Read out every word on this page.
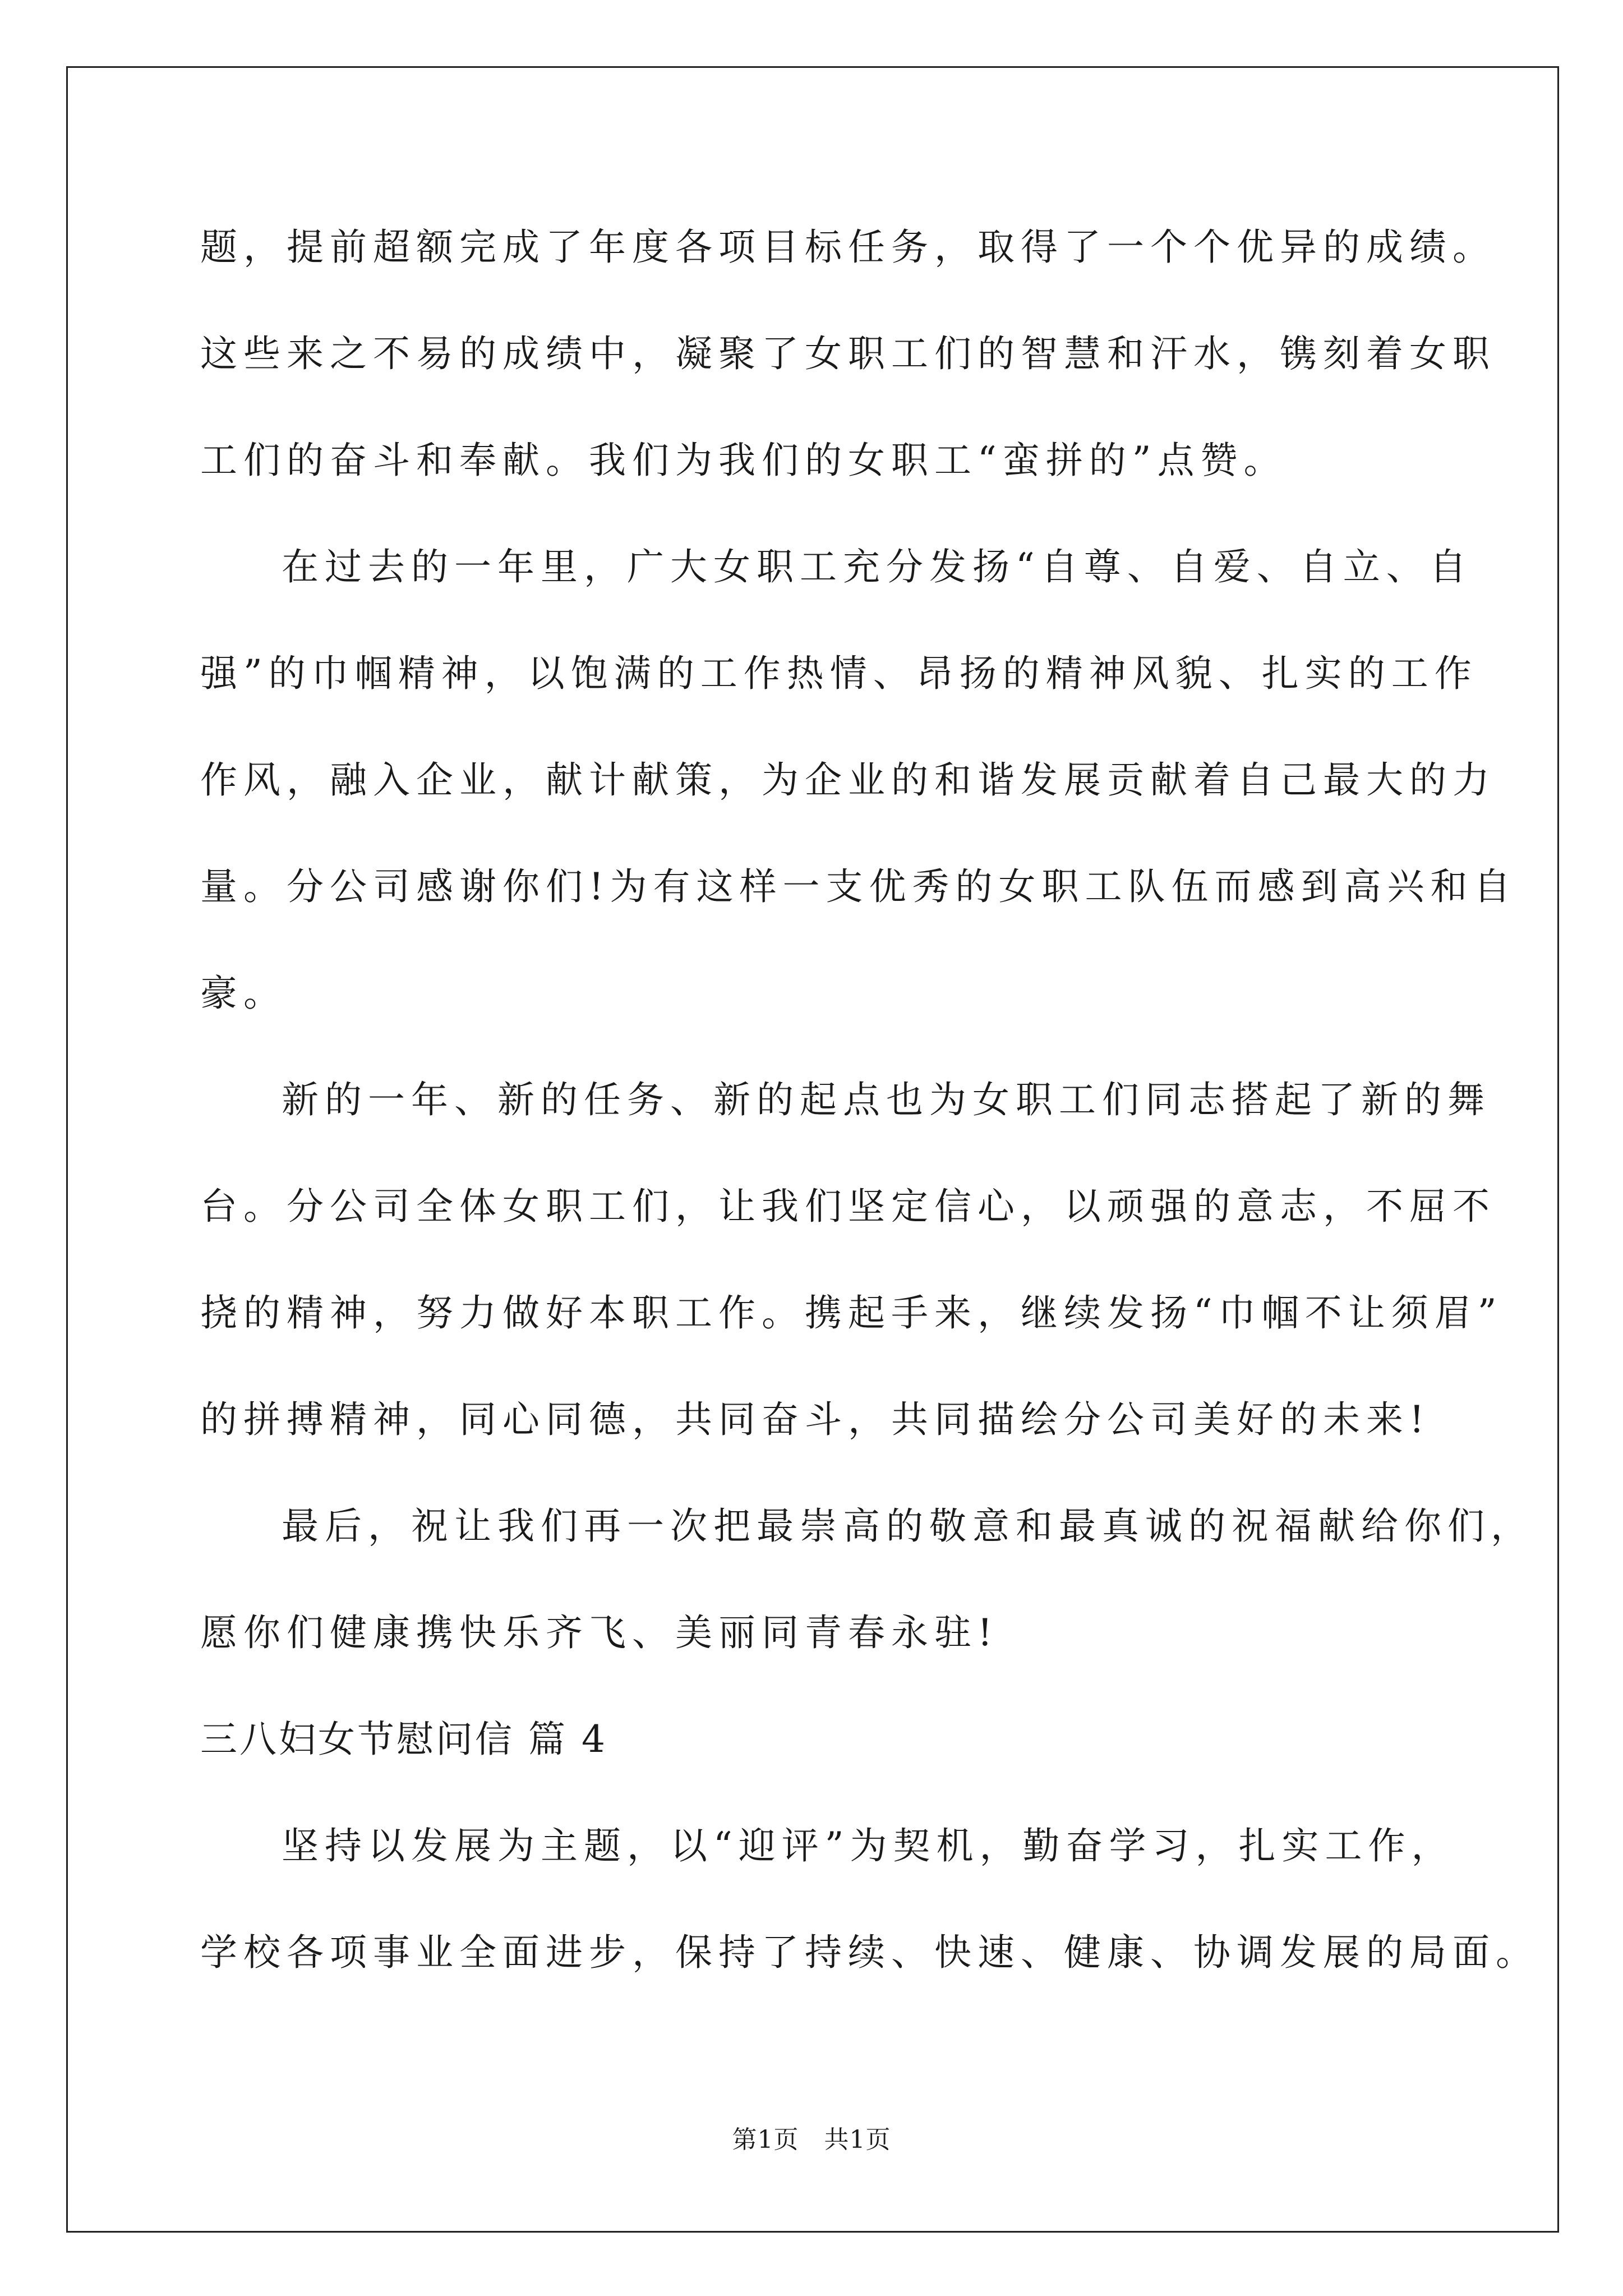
题，提前超额完成了年度各项目标任务，取得了一个个优异的成绩。
这些来之不易的成绩中，凝聚了女职工们的智慧和汗水，镌刻着女职
工们的奋斗和奉献。我们为我们的女职工“蛮拼的”点赞。
在过去的一年里，广大女职工充分发扬“自尊、自爱、自立、自
强”的巾帼精神，以饱满的工作热情、昂扬的精神风貌、扎实的工作
作风，融入企业，献计献策，为企业的和谐发展贡献着自己最大的力
量。分公司感谢你们!为有这样一支优秀的女职工队伍而感到高兴和自
豪。
新的一年、新的任务、新的起点也为女职工们同志搭起了新的舞
台。分公司全体女职工们，让我们坚定信心，以顽强的意志，不屈不
挠的精神，努力做好本职工作。携起手来，继续发扬“巾帼不让须眉”
的拼搏精神，同心同德，共同奋斗，共同描绘分公司美好的未来!
最后，祝让我们再一次把最崇高的敬意和最真诚的祝福献给你们，
愿你们健康携快乐齐飞、美丽同青春永驻!
三八妇女节慰问信 篇 4
坚持以发展为主题，以“迎评”为契机，勤奋学习，扎实工作，
学校各项事业全面进步，保持了持续、快速、健康、协调发展的局面。
第1页   共1页
